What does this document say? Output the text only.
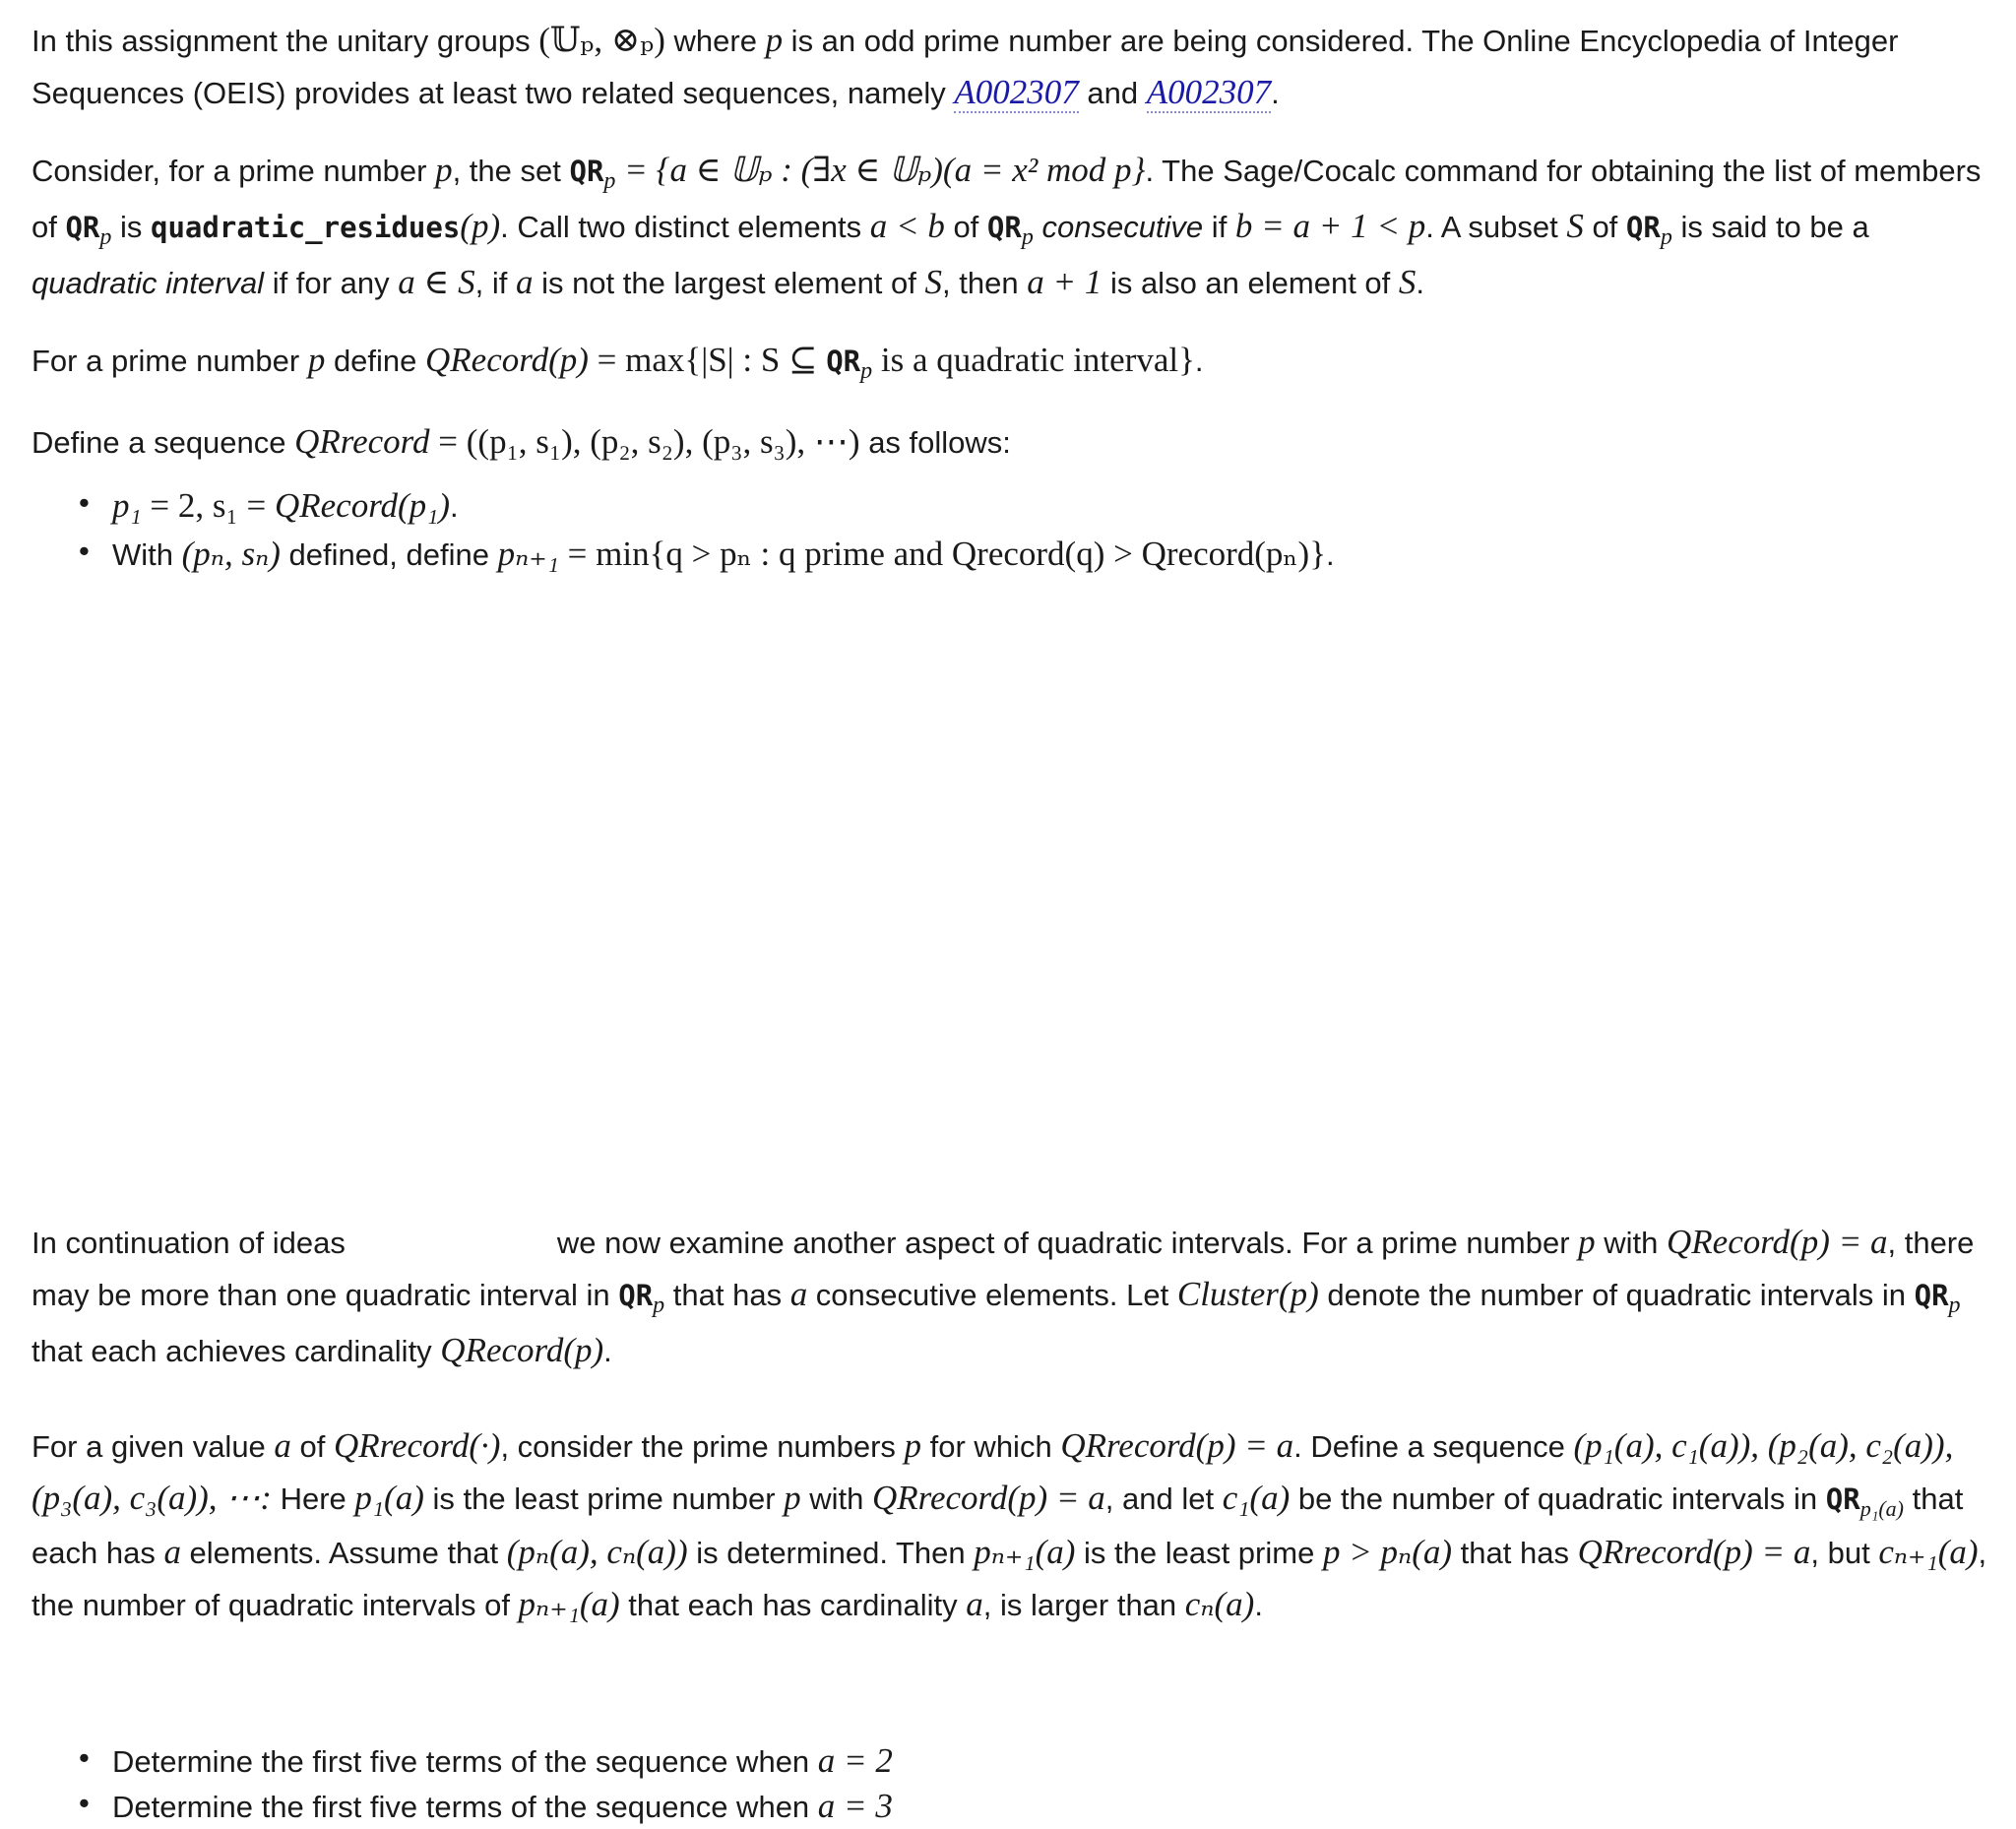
In this assignment the unitary groups (𝕌ₚ, ⊗ₚ) where p is an odd prime number are being considered. The Online Encyclopedia of Integer Sequences (OEIS) provides at least two related sequences, namely A002307 and A002307.

Consider, for a prime number p, the set $QR_p = \{a$ ∈ 𝕌ₚ : (∃x ∈ 𝕌ₚ)(a = x² mod p}. The Sage/Cocalc command for obtaining the list of members of $QR_p$ is quadratic_residues(p). Call two distinct elements a < b of $QR_p$ consecutive if b = a + 1 < p. A subset S of $QR_p$ is said to be a quadratic interval if for any a ∈ S, if a is not the largest element of S, then a + 1 is also an element of S.

For a prime number p define QRecord(p) = max{|S| : S ⊆ $QR_p$ is a quadratic interval}.

Define a sequence QRrecord = ((p₁, s₁), (p₂, s₂), (p₃, s₃), ⋯) as follows:

• p₁ = 2, s₁ = QRecord(p₁).
• With (pₙ, sₙ) defined, define pₙ₊₁ = min{q > pₙ : q prime and Qrecord(q) > Qrecord(pₙ)}.

In continuation of ideas	we now examine another aspect of quadratic intervals. For a prime number p with QRecord(p) = a, there may be more than one quadratic interval in $QR_p$ that has a consecutive elements. Let Cluster(p) denote the number of quadratic intervals in $QR_p$ that each achieves cardinality QRecord(p).

For a given value a of QRrecord(·), consider the prime numbers p for which QRrecord(p) = a. Define a sequence (p₁(a), c₁(a)), (p₂(a), c₂(a)), (p₃(a), c₃(a)), ⋯: Here p₁(a) is the least prime number p with QRrecord(p) = a, and let c₁(a) be the number of quadratic intervals in $QR_{p_1(a)}$ that each has a elements. Assume that (pₙ(a), cₙ(a)) is determined. Then pₙ₊₁(a) is the least prime p > pₙ(a) that has QRrecord(p) = a, but cₙ₊₁(a), the number of quadratic intervals of pₙ₊₁(a) that each has cardinality a, is larger than cₙ(a).

• Determine the first five terms of the sequence when a = 2
• Determine the first five terms of the sequence when a = 3
